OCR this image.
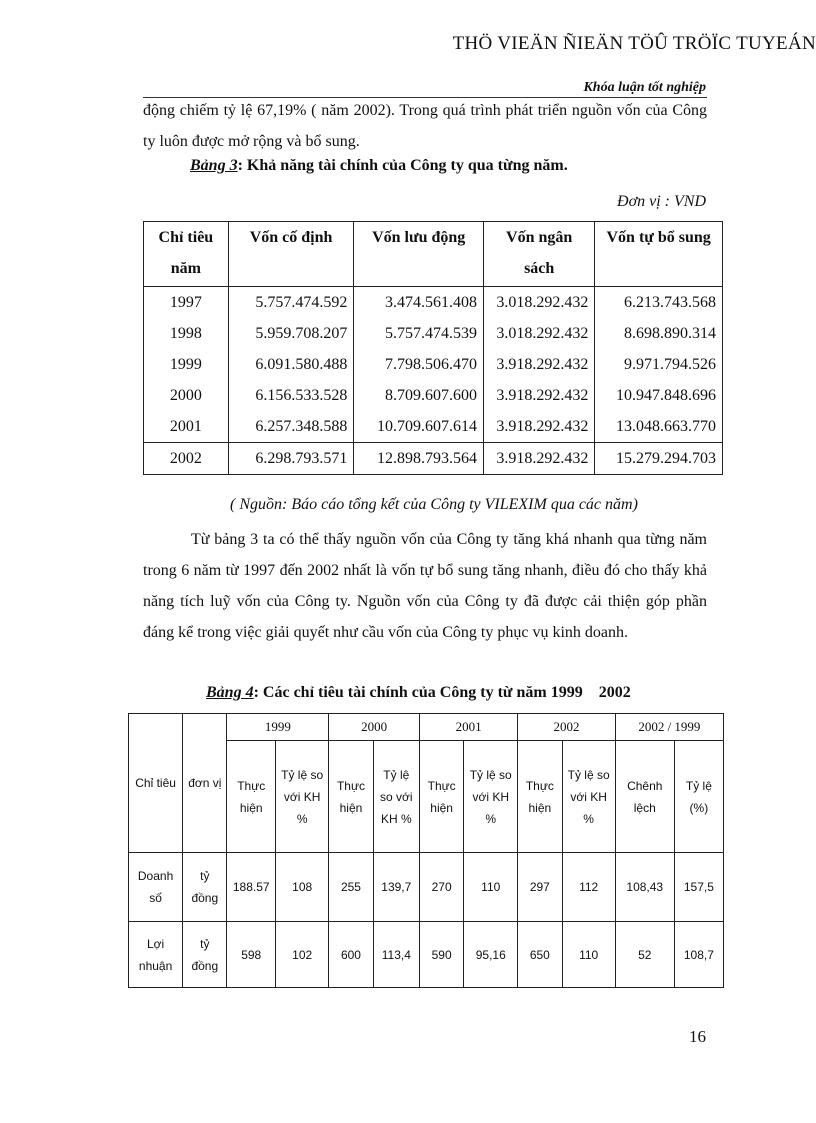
THÖ VIEÄN ÑIEÄN TÖÛ TRÖÏC TUYEÁN
Khóa luận tốt nghiệp

động chiếm tỷ lệ 67,19% ( năm 2002). Trong quá trình phát triển nguồn vốn của Công ty luôn được mở rộng và bổ sung.

Bảng 3: Khả năng tài chính của Công ty qua từng năm.
Đơn vị : VND
Chỉ tiêu năm	Vốn cố định	Vốn lưu động	Vốn ngân sách	Vốn tự bổ sung
1997	5.757.474.592	3.474.561.408	3.018.292.432	6.213.743.568
1998	5.959.708.207	5.757.474.539	3.018.292.432	8.698.890.314
1999	6.091.580.488	7.798.506.470	3.918.292.432	9.971.794.526
2000	6.156.533.528	8.709.607.600	3.918.292.432	10.947.848.696
2001	6.257.348.588	10.709.607.614	3.918.292.432	13.048.663.770
2002	6.298.793.571	12.898.793.564	3.918.292.432	15.279.294.703
( Nguồn: Báo cáo tổng kết của Công ty VILEXIM qua các năm)

Từ bảng 3 ta có thể thấy nguồn vốn của Công ty tăng khá nhanh qua từng năm trong 6 năm từ 1997 đến 2002 nhất là vốn tự bổ sung tăng nhanh, điều đó cho thấy khả năng tích luỹ vốn của Công ty. Nguồn vốn của Công ty đã được cải thiện góp phần đáng kể trong việc giải quyết như cầu vốn của Công ty phục vụ kinh doanh.

Bảng 4: Các chỉ tiêu tài chính của Công ty từ năm 1999    2002
Chỉ tiêu	đơn vị	1999		2000		2001		2002		2002 / 1999	
		Thực hiện	Tỷ lệ so với KH %	Thực hiện	Tỷ lệ so với KH %	Thực hiện	Tỷ lệ so với KH %	Thực hiện	Tỷ lệ so với KH %	Chênh lệch	Tỷ lệ (%)
Doanh số	tỷ đồng	188.57	108	255	139,7	270	110	297	112	108,43	157,5
Lợi nhuận	tỷ đồng	598	102	600	113,4	590	95,16	650	110	52	108,7
16
